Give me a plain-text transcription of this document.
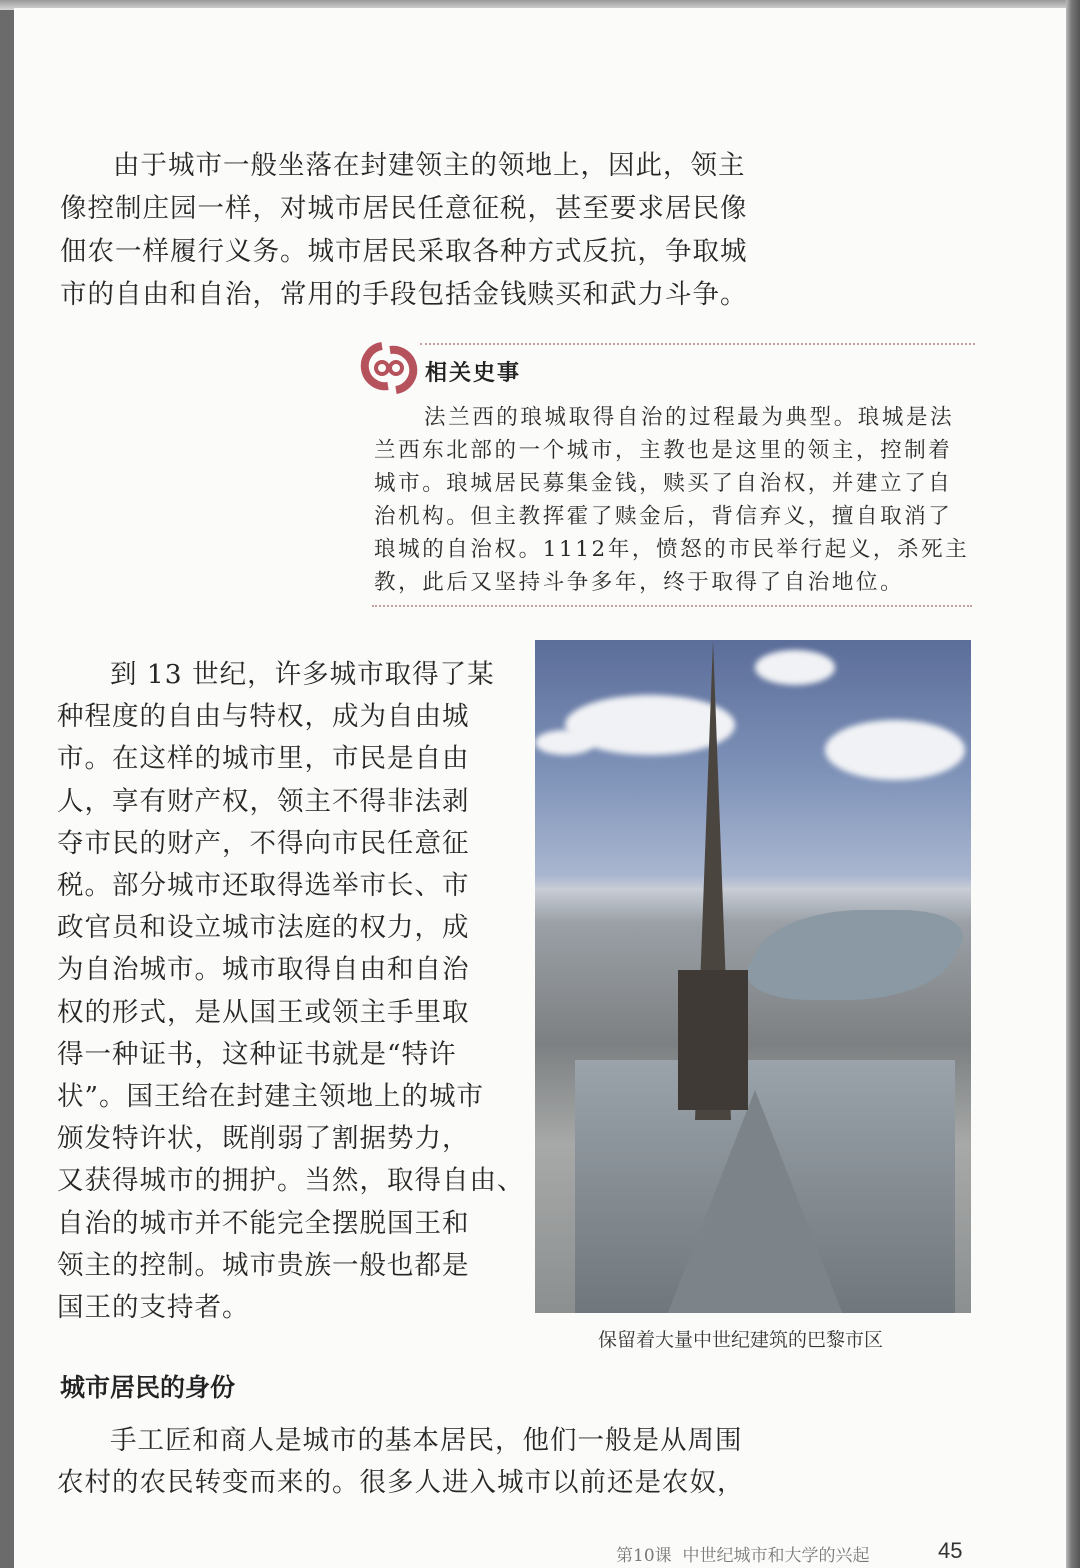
由于城市一般坐落在封建领主的领地上，因此，领主
像控制庄园一样，对城市居民任意征税，甚至要求居民像
佃农一样履行义务。城市居民采取各种方式反抗，争取城
市的自由和自治，常用的手段包括金钱赎买和武力斗争。
相关史事
法兰西的琅城取得自治的过程最为典型。琅城是法
兰西东北部的一个城市，主教也是这里的领主，控制着
城市。琅城居民募集金钱，赎买了自治权，并建立了自
治机构。但主教挥霍了赎金后，背信弃义，擅自取消了
琅城的自治权。1112年，愤怒的市民举行起义，杀死主
教，此后又坚持斗争多年，终于取得了自治地位。
到 13 世纪，许多城市取得了某
种程度的自由与特权，成为自由城
市。在这样的城市里，市民是自由
人，享有财产权，领主不得非法剥
夺市民的财产，不得向市民任意征
税。部分城市还取得选举市长、市
政官员和设立城市法庭的权力，成
为自治城市。城市取得自由和自治
权的形式，是从国王或领主手里取
得一种证书，这种证书就是“特许
状”。国王给在封建主领地上的城市
颁发特许状，既削弱了割据势力，
又获得城市的拥护。当然，取得自由、
自治的城市并不能完全摆脱国王和
领主的控制。城市贵族一般也都是
国王的支持者。
保留着大量中世纪建筑的巴黎市区
城市居民的身份
手工匠和商人是城市的基本居民，他们一般是从周围
农村的农民转变而来的。很多人进入城市以前还是农奴，
第10课  中世纪城市和大学的兴起	45
